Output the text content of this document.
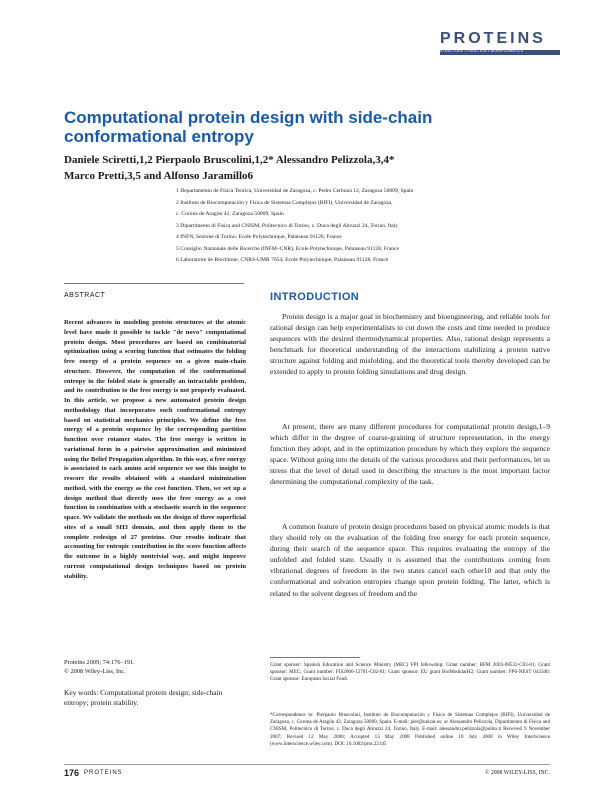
PROTEINS

STRUCTURE • FUNCTION • BIOINFORMATICS
Computational protein design with side-chain conformational entropy
Daniele Sciretti,1,2 Pierpaolo Bruscolini,1,2* Alessandro Pelizzola,3,4*
Marco Pretti,3,5 and Alfonso Jaramillo6
1 Departamento de Física Teórica, Universidad de Zaragoza, c. Pedro Cerbuna 12, Zaragoza 50009, Spain
2 Instituto de Biocomputación y Física de Sistemas Complejos (BIFI), Universidad de Zaragoza,
c. Corona de Aragón 42, Zaragoza 50009, Spain
3 Dipartimento di Fisica and CNISM, Politecnico di Torino, c. Duca degli Abruzzi 24, Torino, Italy
4 INFN, Sezione di Torino, Ecole Polytechnique, Palaiseau 91128, France
5 Consiglio Nazionale delle Ricerche (INFM–CNR), Ecole Polytechnique, Palaiseau 91128, France
6 Laboratoire de Biochimie, CNRS-UMR 7654, Ecole Polytechnique, Palaiseau 91128, France

ABSTRACT

Recent advances in modeling protein structures at the atomic level have made it possible to tackle "de novo" computational protein design. Most procedures are based on combinatorial optimization using a scoring function that estimates the folding free energy of a protein sequence on a given main-chain structure. However, the computation of the conformational entropy in the folded state is generally an intractable problem, and its contribution to the free energy is not properly evaluated. In this article, we propose a new automated protein design methodology that incorporates such conformational entropy based on statistical mechanics principles. We define the free energy of a protein sequence by the corresponding partition function over rotamer states. The free energy is written in variational form in a pairwise approximation and minimized using the Belief Propagation algorithm. In this way, a free energy is associated to each amino acid sequence we use this insight to rescore the results obtained with a standard minimization method, with the energy as the cost function. Then, we set up a design method that directly uses the free energy as a cost function in combination with a stochastic search in the sequence space. We validate the methods on the design of three superficial sites of a small SH3 domain, and then apply them to the complete redesign of 27 proteins. Our results indicate that accounting for entropic contribution in the score function affects the outcome in a highly nontrivial way, and might improve current computational design techniques based on protein stability.

Proteins 2009; 74:176–191.
© 2008 Wiley-Liss, Inc.

Key words: Computational protein design; side-chain entropy; protein stability.

INTRODUCTION

Protein design is a major goal in biochemistry and bioengineering, and reliable tools for rational design can help experimentalists to cut down the costs and time needed to produce sequences with the desired thermodynamical properties. Also, rational design represents a benchmark for theoretical understanding of the interactions stabilizing a protein native structure against folding and misfolding, and the theoretical tools thereby developed can be extended to apply to protein folding simulations and drug design.

At present, there are many different procedures for computational protein design,1–9 which differ in the degree of coarse-graining of structure representation, in the energy function they adopt, and in the optimization procedure by which they explore the sequence space. Without going into the details of the various procedures and their performances, let us stress that the level of detail used in describing the structure is the most important factor determining the computational complexity of the task.

A common feature of protein design procedures based on physical atomic models is that they should rely on the evaluation of the folding free energy for each protein sequence, during their search of the sequence space. This requires evaluating the entropy of the unfolded and folded state. Usually it is assumed that the contributions coming from vibrational degrees of freedom in the two states cancel each other10 and that only the conformational and solvation entropies change upon protein folding. The latter, which is related to the solvent degrees of freedom and the

Grant sponsor: Spanish Education and Science Ministry (MEC) FPI fellowship; Grant number: BFM 2003-08532-C03-01; Grant sponsor: MEC; Grant number: FIS2006-12781-C02-01; Grant sponsor: EU grant BioModularH2; Grant number: FP6-NEST 043340; Grant sponsor: European Social Fund.

*Correspondence to: Pierpaolo Bruscolini, Instituto de Biocomputación y Física de Sistemas Complejos (BIFI), Universidad de Zaragoza, c. Corona de Aragón 42, Zaragoza 50009, Spain. E-mail: pier@unizar.es; or Alessandro Pelizzola, Dipartimento di Fisica and CNISM, Politecnico di Torino, c. Duca degli Abruzzi 24, Torino, Italy. E-mail: alessandro.pelizzola@polito.it Received 9 November 2007; Revised 12 May 2008; Accepted 13 May 2008 Published online 10 July 2008 in Wiley InterScience (www.interscience.wiley.com). DOI: 10.1002/prot.22145

176 PROTEINS	© 2008 WILEY-LISS, INC.
